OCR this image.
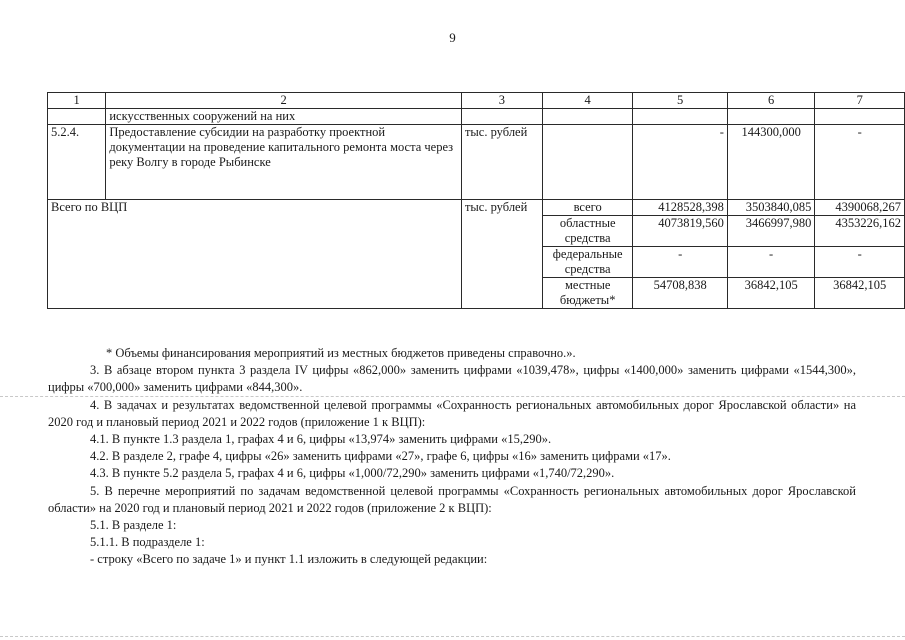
9
1	2	3	4	5	6	7
	искусственных сооружений на них					
5.2.4.	Предоставление субсидии на разработку проектной документации на проведение капитального ремонта моста через реку Волгу в городе Рыбинске	тыс. рублей		-	144300,000	-
Всего по ВЦП		тыс. рублей	всего	4128528,398	3503840,085	4390068,267
			областные средства	4073819,560	3466997,980	4353226,162
			федеральные средства	-	-	-
			местные бюджеты*	54708,838	36842,105	36842,105

* Объемы финансирования мероприятий из местных бюджетов приведены справочно.».

3. В абзаце втором пункта 3 раздела IV цифры «862,000» заменить цифрами «1039,478», цифры «1400,000» заменить цифрами «1544,300», цифры «700,000» заменить цифрами «844,300».

4. В задачах и результатах ведомственной целевой программы «Сохранность региональных автомобильных дорог Ярославской области» на 2020 год и плановый период 2021 и 2022 годов (приложение 1 к ВЦП):

4.1. В пункте 1.3 раздела 1, графах 4 и 6, цифры «13,974» заменить цифрами «15,290».

4.2. В разделе 2, графе 4, цифры «26» заменить цифрами «27», графе 6, цифры «16» заменить цифрами «17».

4.3. В пункте 5.2 раздела 5, графах 4 и 6, цифры «1,000/72,290» заменить цифрами «1,740/72,290».

5. В перечне мероприятий по задачам ведомственной целевой программы «Сохранность региональных автомобильных дорог Ярославской области» на 2020 год и плановый период 2021 и 2022 годов (приложение 2 к ВЦП):

5.1. В разделе 1:

5.1.1. В подразделе 1:

- строку «Всего по задаче 1» и пункт 1.1 изложить в следующей редакции:
